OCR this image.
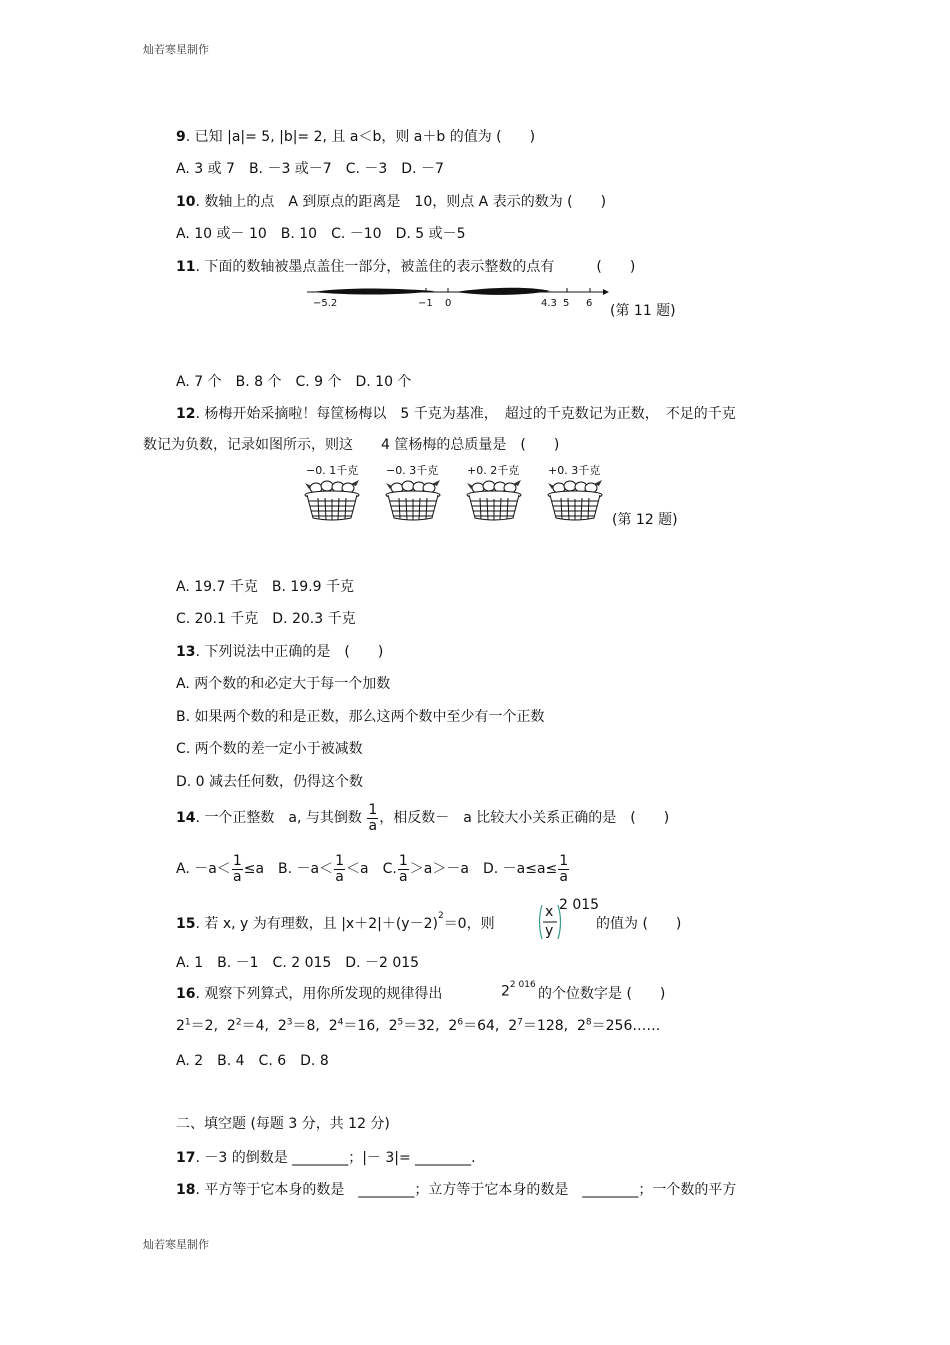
灿若寒星制作
9. 已知 |a|= 5, |b|= 2, 且 a＜b，则 a＋b 的值为 (　　)
A. 3 或 7　B. －3 或－7　C. －3　D. －7
10. 数轴上的点　A 到原点的距离是　10，则点 A 表示的数为 (　　)
A. 10 或－ 10　B. 10　C. －10　D. 5 或－5
11. 下面的数轴被墨点盖住一部分，被盖住的表示整数的点有　　　(　　)
−5.2	−1 0	4.3 5 6 (第 11 题)
A. 7 个　B. 8 个　C. 9 个　D. 10 个
12. 杨梅开始采摘啦！每筐杨梅以　5 千克为基准，　超过的千克数记为正数，　不足的千克
数记为负数，记录如图所示，则这　　4 筐杨梅的总质量是　(　　)
−0. 1千克	−0. 3千克	+0. 2千克	+0. 3千克
(第 12 题)
A. 19.7 千克　B. 19.9 千克
C. 20.1 千克　D. 20.3 千克
13. 下列说法中正确的是　(　　)
A. 两个数的和必定大于每一个加数
B. 如果两个数的和是正数，那么这两个数中至少有一个正数
C. 两个数的差一定小于被减数
D. 0 减去任何数，仍得这个数
14. 一个正整数　a, 与其倒数 $\frac{1}{a}$ ，相反数－　a 比较大小关系正确的是　(　　)
A. $-a< \frac{1}{a} \le a$　B. $-a< \frac{1}{a} <a$　C. $\frac{1}{a} >a>-a$　D. $-a\le a\le \frac{1}{a}$
15. 若 x, y 为有理数，且 $|x+2|+(y-2)^2=0$，则
x
y
2 015
的值为 (　　)
A. 1　B. －1　C. 2 015　D. －2 015
16. 观察下列算式，用你所发现的规律得出	$2^{2 016}$
的个位数字是 (　　)
$2^1=2$, $2^2=4$, $2^3=8$, $2^4=16$, $2^5=32$, $2^6=64$, $2^7=128$, $2^8=256\dots\dots$
A. 2　B. 4　C. 6　D. 8
二、填空题 (每题 3 分，共 12 分)
17. －3 的倒数是 ________；|－ 3|= ________.
18. 平方等于它本身的数是　________；立方等于它本身的数是　________；一个数的平方
灿若寒星制作
